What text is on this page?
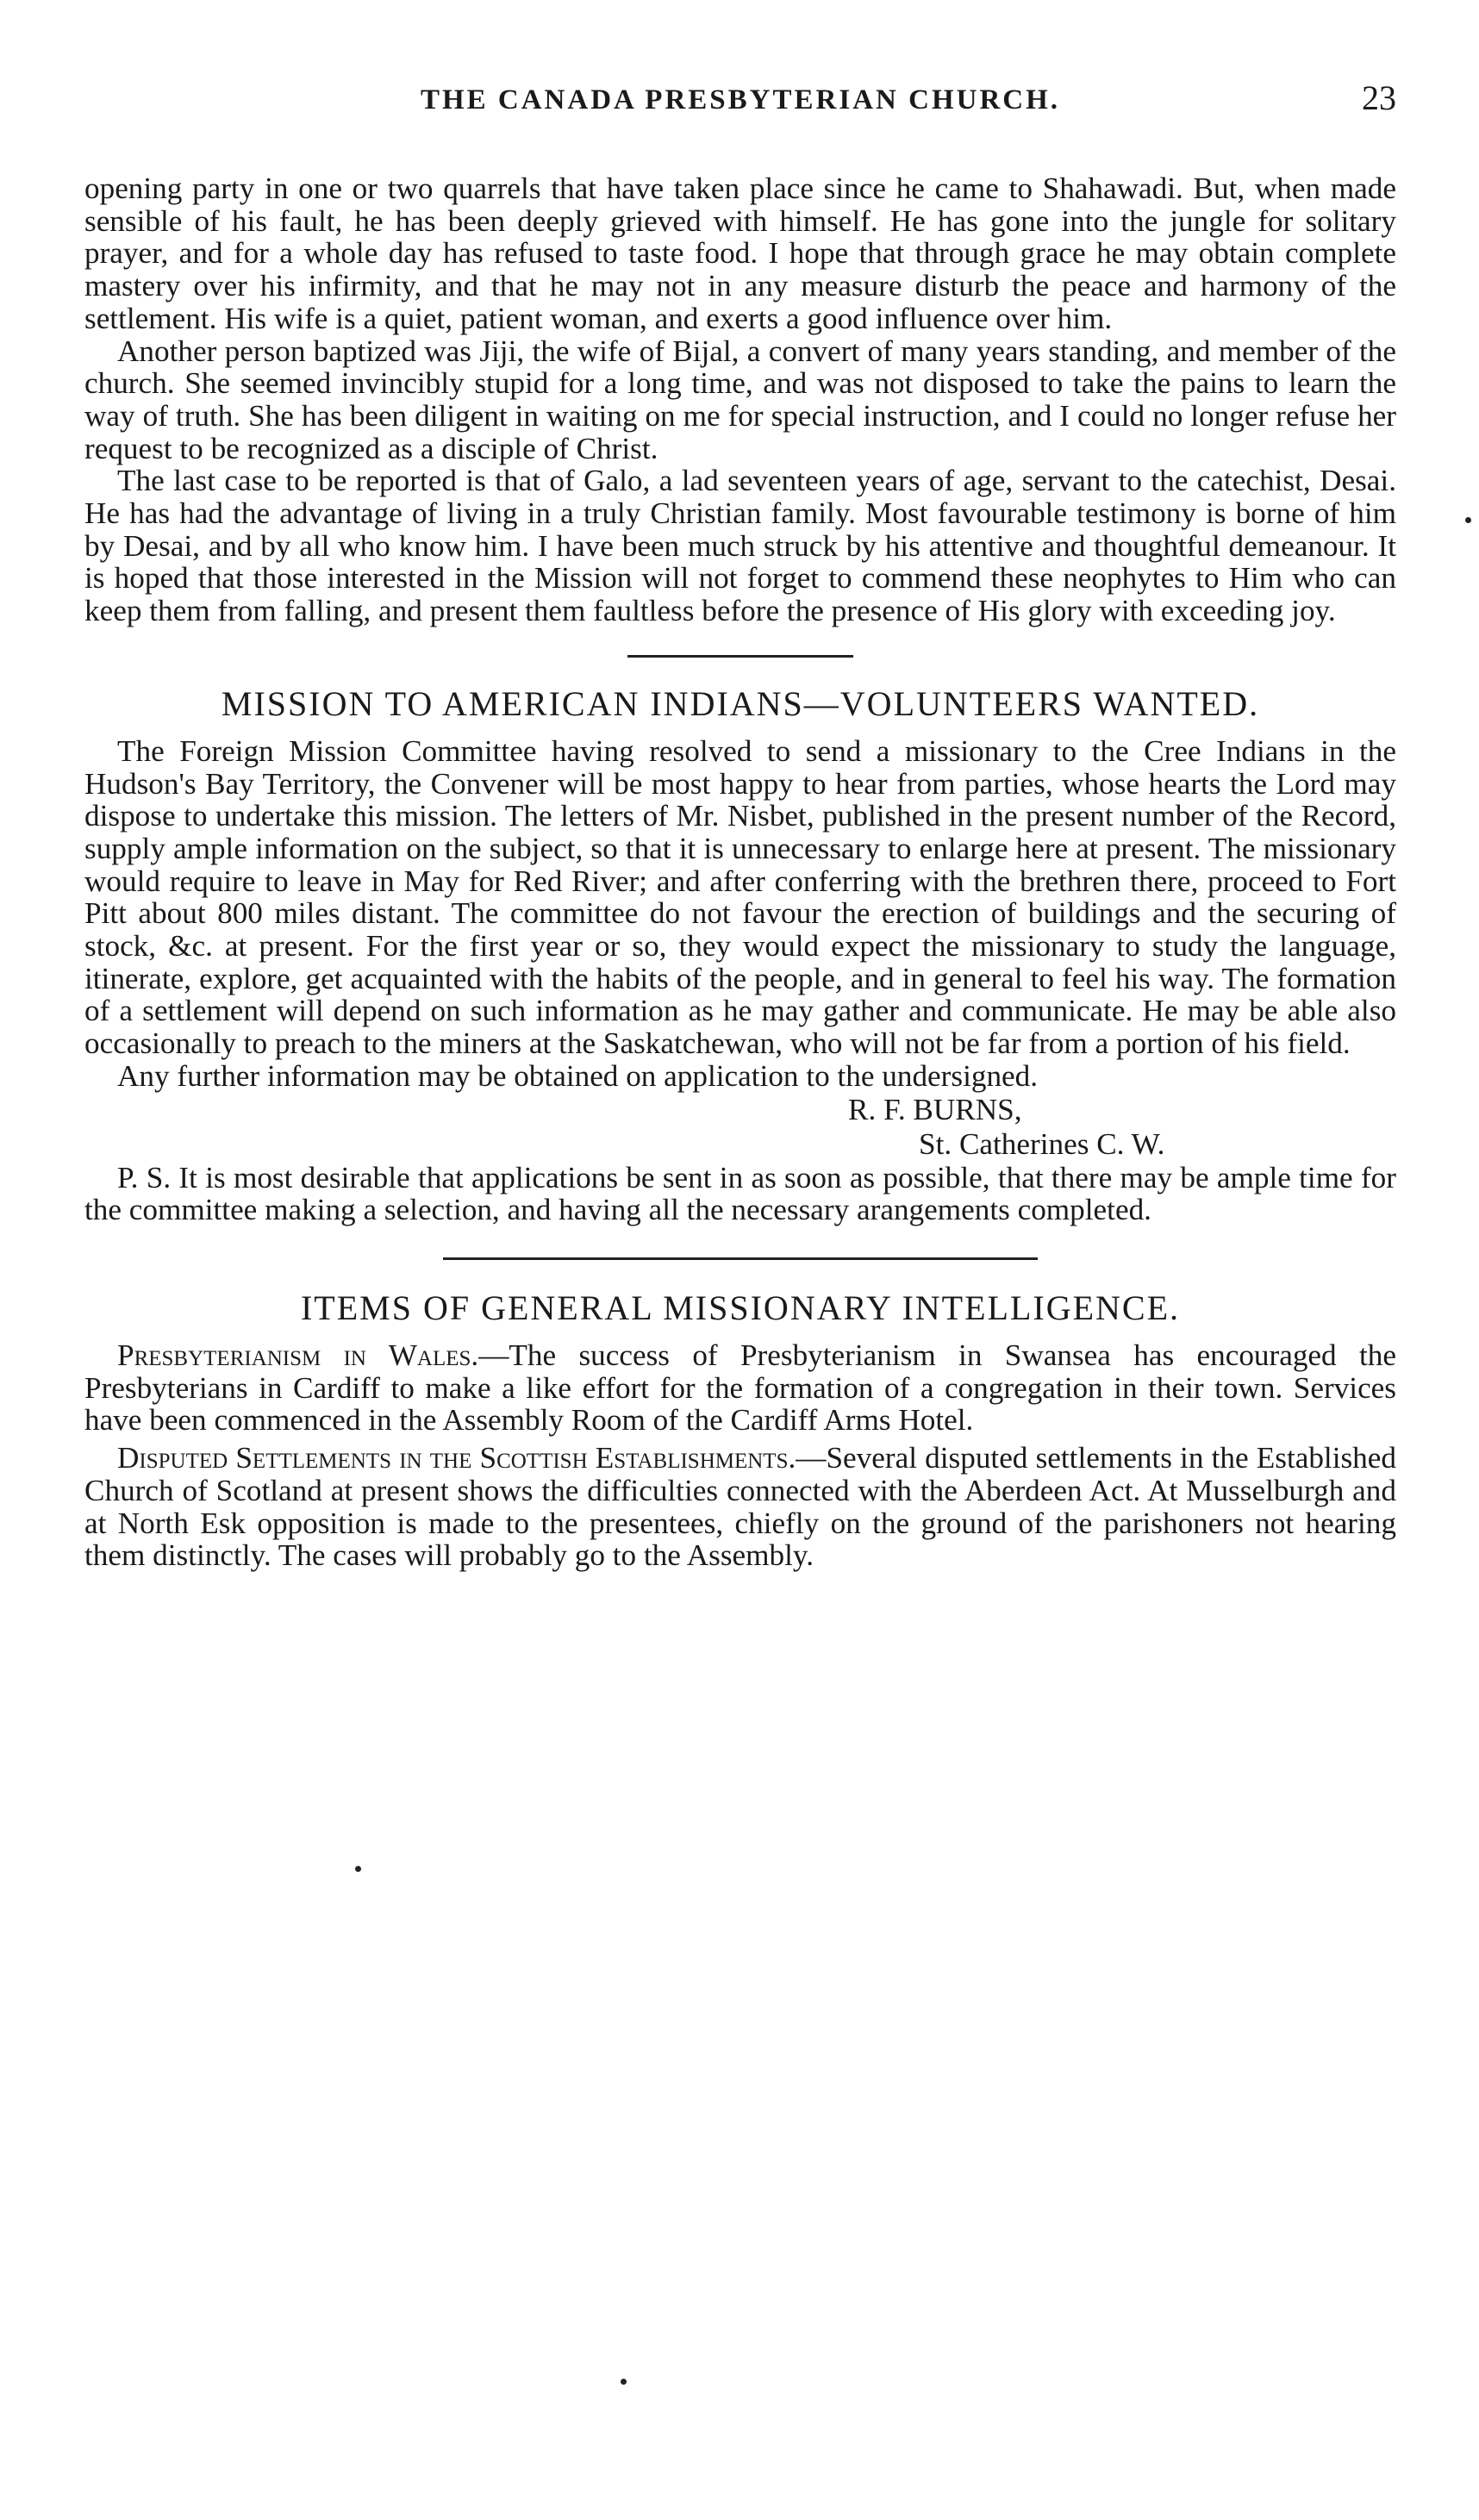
THE CANADA PRESBYTERIAN CHURCH.	23

opening party in one or two quarrels that have taken place since he came to Shahawadi. But, when made sensible of his fault, he has been deeply grieved with himself. He has gone into the jungle for solitary prayer, and for a whole day has refused to taste food. I hope that through grace he may obtain complete mastery over his infirmity, and that he may not in any measure disturb the peace and harmony of the settlement. His wife is a quiet, patient woman, and exerts a good influence over him.

Another person baptized was Jiji, the wife of Bijal, a convert of many years standing, and member of the church. She seemed invincibly stupid for a long time, and was not disposed to take the pains to learn the way of truth. She has been diligent in waiting on me for special instruction, and I could no longer refuse her request to be recognized as a disciple of Christ.

The last case to be reported is that of Galo, a lad seventeen years of age, servant to the catechist, Desai. He has had the advantage of living in a truly Christian family. Most favourable testimony is borne of him by Desai, and by all who know him. I have been much struck by his attentive and thoughtful demeanour. It is hoped that those interested in the Mission will not forget to commend these neophytes to Him who can keep them from falling, and present them faultless before the presence of His glory with exceeding joy.

MISSION TO AMERICAN INDIANS—VOLUNTEERS WANTED.

The Foreign Mission Committee having resolved to send a missionary to the Cree Indians in the Hudson's Bay Territory, the Convener will be most happy to hear from parties, whose hearts the Lord may dispose to undertake this mission. The letters of Mr. Nisbet, published in the present number of the Record, supply ample information on the subject, so that it is unnecessary to enlarge here at present. The missionary would require to leave in May for Red River; and after conferring with the brethren there, proceed to Fort Pitt about 800 miles distant. The committee do not favour the erection of buildings and the securing of stock, &c. at present. For the first year or so, they would expect the missionary to study the language, itinerate, explore, get acquainted with the habits of the people, and in general to feel his way. The formation of a settlement will depend on such information as he may gather and communicate. He may be able also occasionally to preach to the miners at the Saskatchewan, who will not be far from a portion of his field.

Any further information may be obtained on application to the undersigned.

R. F. BURNS,
St. Catherines C. W.

P. S. It is most desirable that applications be sent in as soon as possible, that there may be ample time for the committee making a selection, and having all the necessary arangements completed.

ITEMS OF GENERAL MISSIONARY INTELLIGENCE.

Presbyterianism in Wales.—The success of Presbyterianism in Swansea has encouraged the Presbyterians in Cardiff to make a like effort for the formation of a congregation in their town. Services have been commenced in the Assembly Room of the Cardiff Arms Hotel.

Disputed Settlements in the Scottish Establishments.—Several disputed settlements in the Established Church of Scotland at present shows the difficulties connected with the Aberdeen Act. At Musselburgh and at North Esk opposition is made to the presentees, chiefly on the ground of the parishoners not hearing them distinctly. The cases will probably go to the Assembly.
